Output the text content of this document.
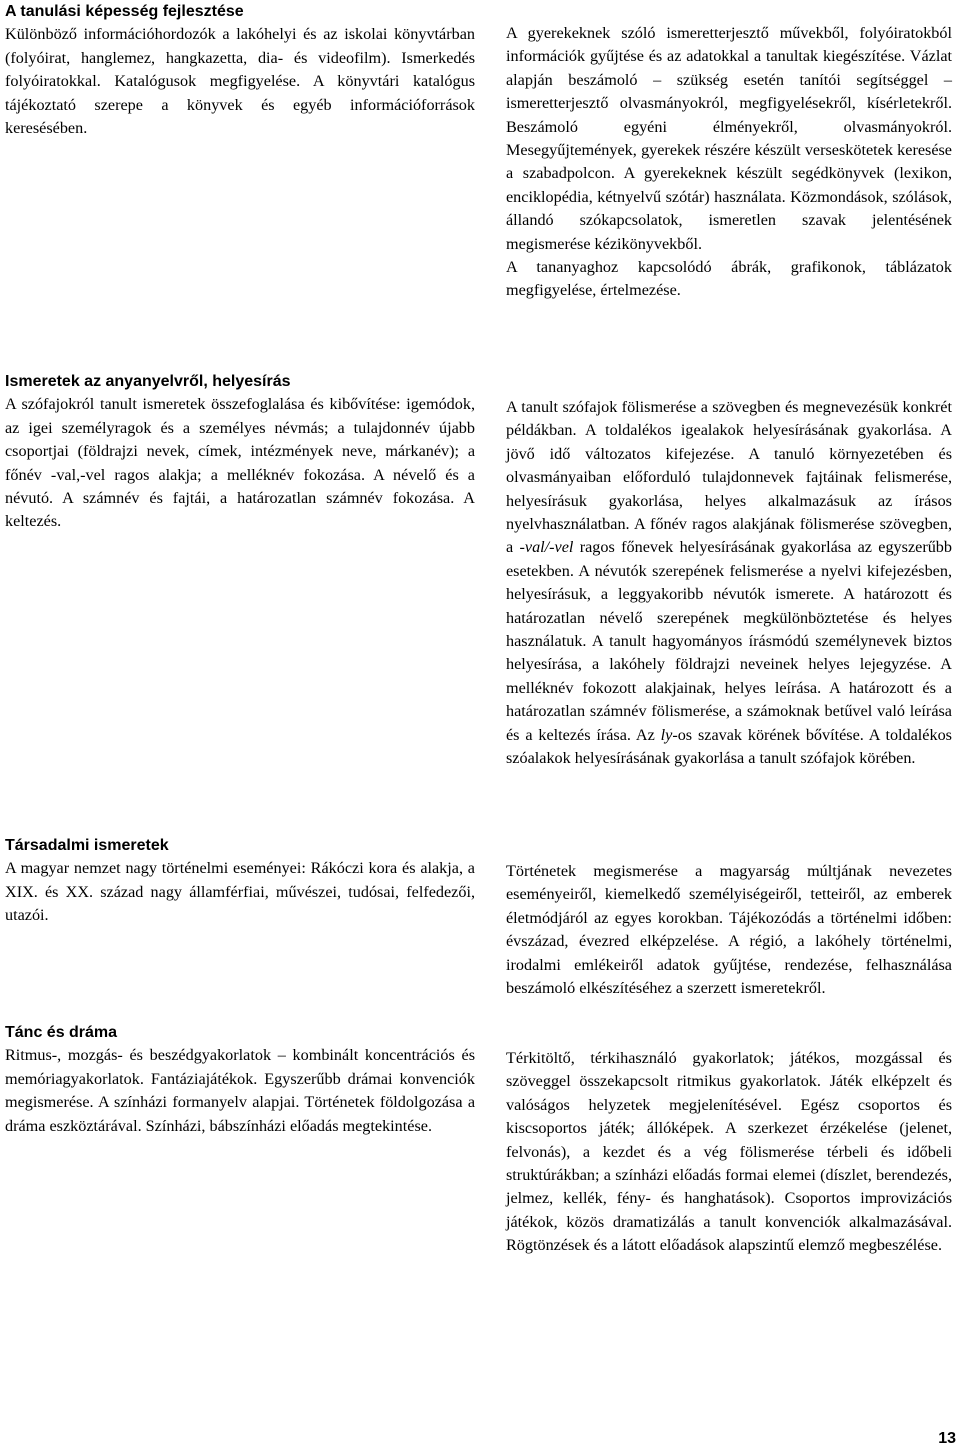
A tanulási képesség fejlesztése
Különböző információhordozók a lakóhelyi és az iskolai könyvtárban (folyóirat, hanglemez, hangkazetta, dia- és videofilm). Ismerkedés folyóiratokkal. Katalógusok megfigyelése. A könyvtári katalógus tájékoztató szerepe a könyvek és egyéb információforrások keresésében.
Ismeretek az anyanyelvről, helyesírás
A szófajokról tanult ismeretek összefoglalása és kibővítése: igemódok, az igei személyragok és a személyes névmás; a tulajdonnév újabb csoportjai (földrajzi nevek, címek, intézmények neve, márkanév); a főnév -val,-vel ragos alakja; a melléknév fokozása. A névelő és a névutó. A számnév és fajtái, a határozatlan számnév fokozása. A keltezés.
Társadalmi ismeretek
A magyar nemzet nagy történelmi eseményei: Rákóczi kora és alakja, a XIX. és XX. század nagy államférfiai, művészei, tudósai, felfedezői, utazói.
Tánc és dráma
Ritmus-, mozgás- és beszédgyakorlatok – kombinált koncentrációs és memóriagyakorlatok. Fantáziajátékok. Egyszerűbb drámai konvenciók megismerése. A színházi formanyelv alapjai. Történetek földolgozása a dráma eszköztárával. Színházi, bábszínházi előadás megtekintése.
A gyerekeknek szóló ismeretterjesztő művekből, folyóiratokból információk gyűjtése és az adatokkal a tanultak kiegészítése. Vázlat alapján beszámoló – szükség esetén tanítói segítséggel – ismeretterjesztő olvasmányokról, megfigyelésekről, kísérletekről. Beszámoló egyéni élményekről, olvasmányokról. Mesegyűjtemények, gyerekek részére készült verseskötetek keresése a szabadpolcon. A gyerekeknek készült segédkönyvek (lexikon, enciklopédia, kétnyelvű szótár) használata. Közmondások, szólások, állandó szókapcsolatok, ismeretlen szavak jelentésének megismerése kézikönyvekből.
A tananyaghoz kapcsolódó ábrák, grafikonok, táblázatok megfigyelése, értelmezése.
A tanult szófajok fölismerése a szövegben és megnevezésük konkrét példákban. A toldalékos igealakok helyesírásának gyakorlása. A jövő idő változatos kifejezése. A tanuló környezetében és olvasmányaiban előforduló tulajdonnevek fajtáinak felismerése, helyesírásuk gyakorlása, helyes alkalmazásuk az írásos nyelvhasználatban. A főnév ragos alakjának fölismerése szövegben, a -val/-vel ragos főnevek helyesírásának gyakorlása az egyszerűbb esetekben. A névutók szerepének felismerése a nyelvi kifejezésben, helyesírásuk, a leggyakoribb névutók ismerete. A határozott és határozatlan névelő szerepének megkülönböztetése és helyes használatuk. A tanult hagyományos írásmódú személynevek biztos helyesírása, a lakóhely földrajzi neveinek helyes lejegyzése. A melléknév fokozott alakjainak, helyes leírása. A határozott és a határozatlan számnév fölismerése, a számoknak betűvel való leírása és a keltezés írása. Az ly-os szavak körének bővítése. A toldalékos szóalakok helyesírásának gyakorlása a tanult szófajok körében.
Történetek megismerése a magyarság múltjának nevezetes eseményeiről, kiemelkedő személyiségeiről, tetteiről, az emberek életmódjáról az egyes korokban. Tájékozódás a történelmi időben: évszázad, évezred elképzelése. A régió, a lakóhely történelmi, irodalmi emlékeiről adatok gyűjtése, rendezése, felhasználása beszámoló elkészítéséhez a szerzett ismeretekről.
Térkitöltő, térkihasználó gyakorlatok; játékos, mozgással és szöveggel összekapcsolt ritmikus gyakorlatok. Játék elképzelt és valóságos helyzetek megjelenítésével. Egész csoportos és kiscsoportos játék; állóképek. A szerkezet érzékelése (jelenet, felvonás), a kezdet és a vég fölismerése térbeli és időbeli struktúrákban; a színházi előadás formai elemei (díszlet, berendezés, jelmez, kellék, fény- és hanghatások). Csoportos improvizációs játékok, közös dramatizálás a tanult konvenciók alkalmazásával. Rögtönzések és a látott előadások alapszintű elemző megbeszélése.
13
